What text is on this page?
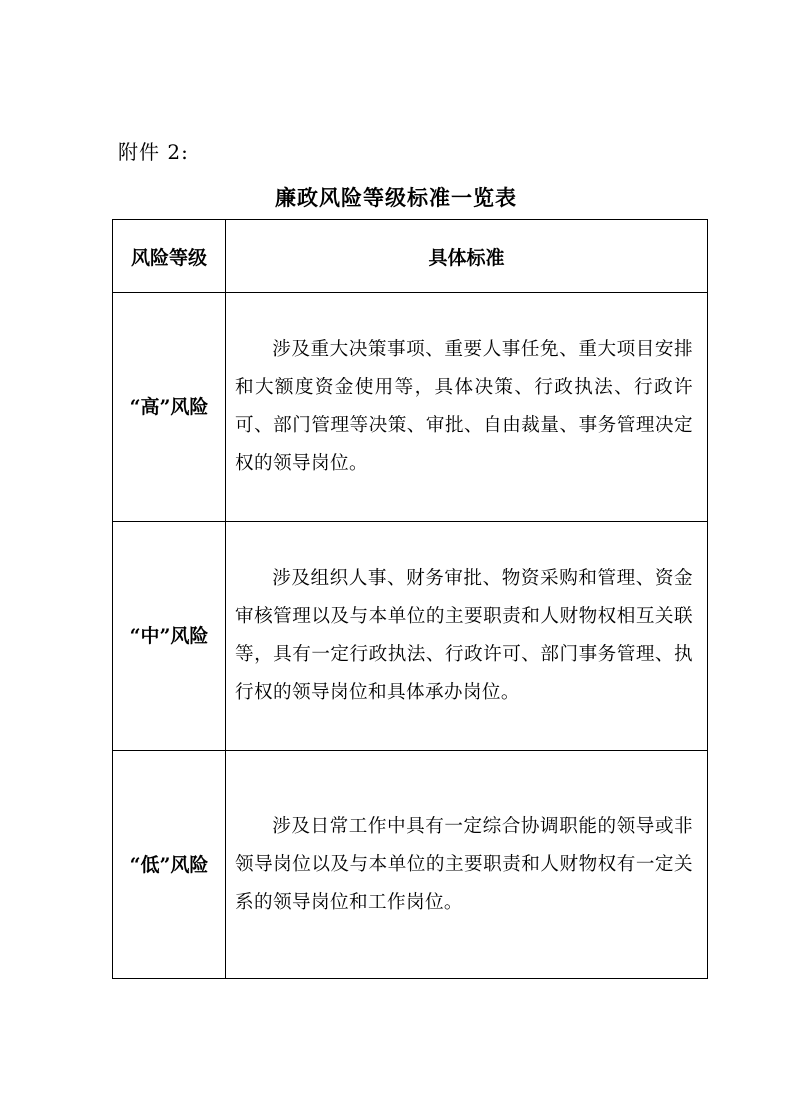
附件 2:
廉政风险等级标准一览表
风险等级	具体标准
“高”风险	涉及重大决策事项、重要人事任免、重大项目安排和大额度资金使用等，具体决策、行政执法、行政许可、部门管理等决策、审批、自由裁量、事务管理决定权的领导岗位。
“中”风险	涉及组织人事、财务审批、物资采购和管理、资金审核管理以及与本单位的主要职责和人财物权相互关联等，具有一定行政执法、行政许可、部门事务管理、执行权的领导岗位和具体承办岗位。
“低”风险	涉及日常工作中具有一定综合协调职能的领导或非领导岗位以及与本单位的主要职责和人财物权有一定关系的领导岗位和工作岗位。
